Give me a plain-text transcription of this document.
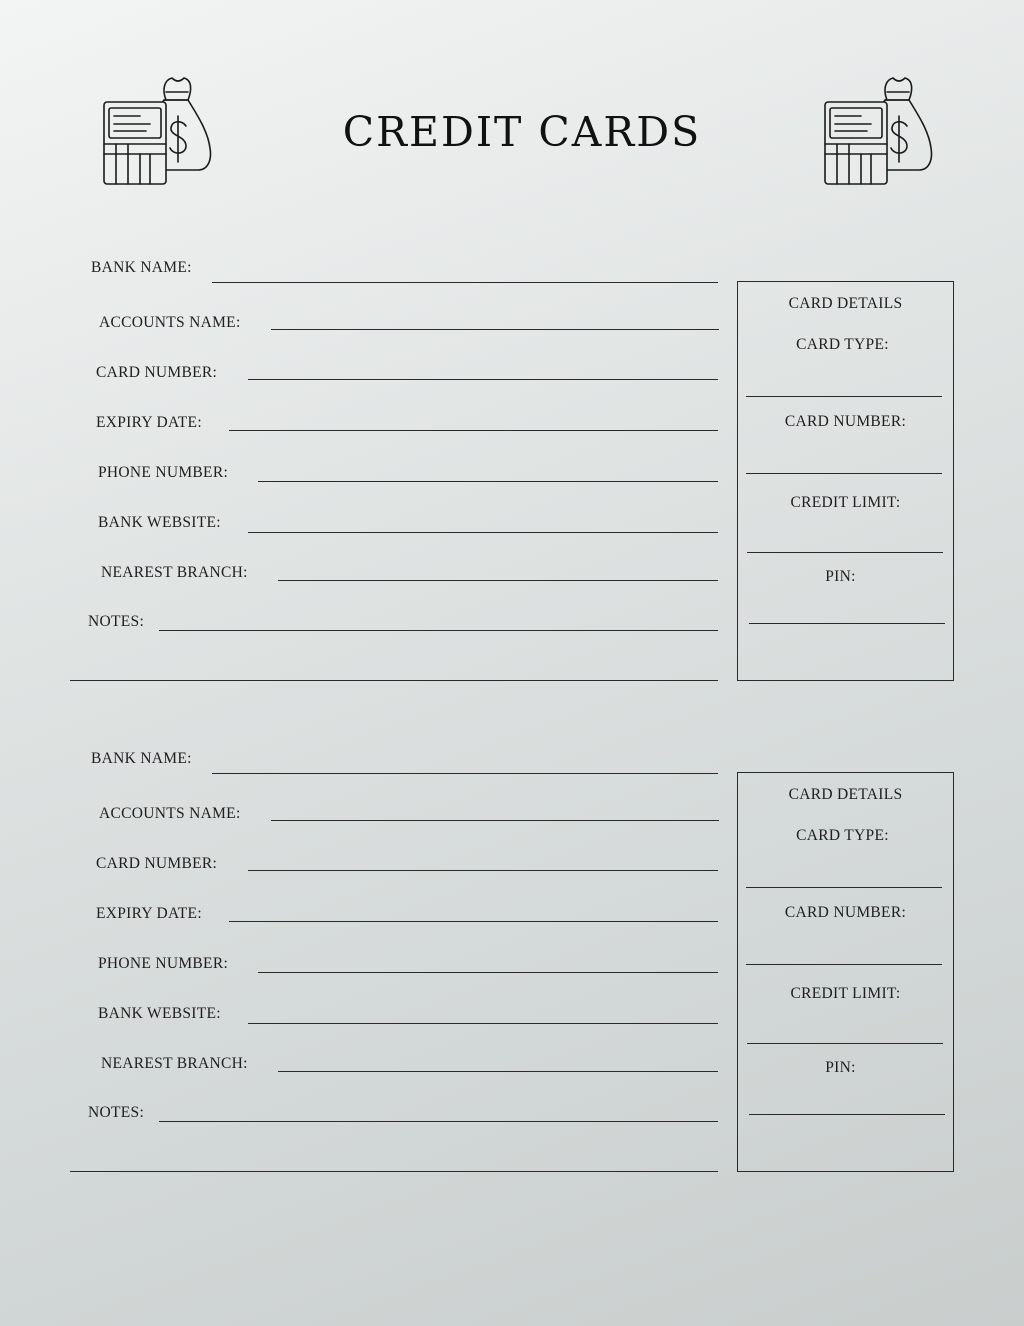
CREDIT CARDS
BANK NAME:
ACCOUNTS NAME:
CARD NUMBER:
EXPIRY DATE:
PHONE NUMBER:
BANK WEBSITE:
NEAREST BRANCH:
NOTES:
CARD DETAILS
CARD TYPE:
CARD NUMBER:
CREDIT LIMIT:
PIN:
BANK NAME:
ACCOUNTS NAME:
CARD NUMBER:
EXPIRY DATE:
PHONE NUMBER:
BANK WEBSITE:
NEAREST BRANCH:
NOTES:
CARD DETAILS
CARD TYPE:
CARD NUMBER:
CREDIT LIMIT:
PIN:
